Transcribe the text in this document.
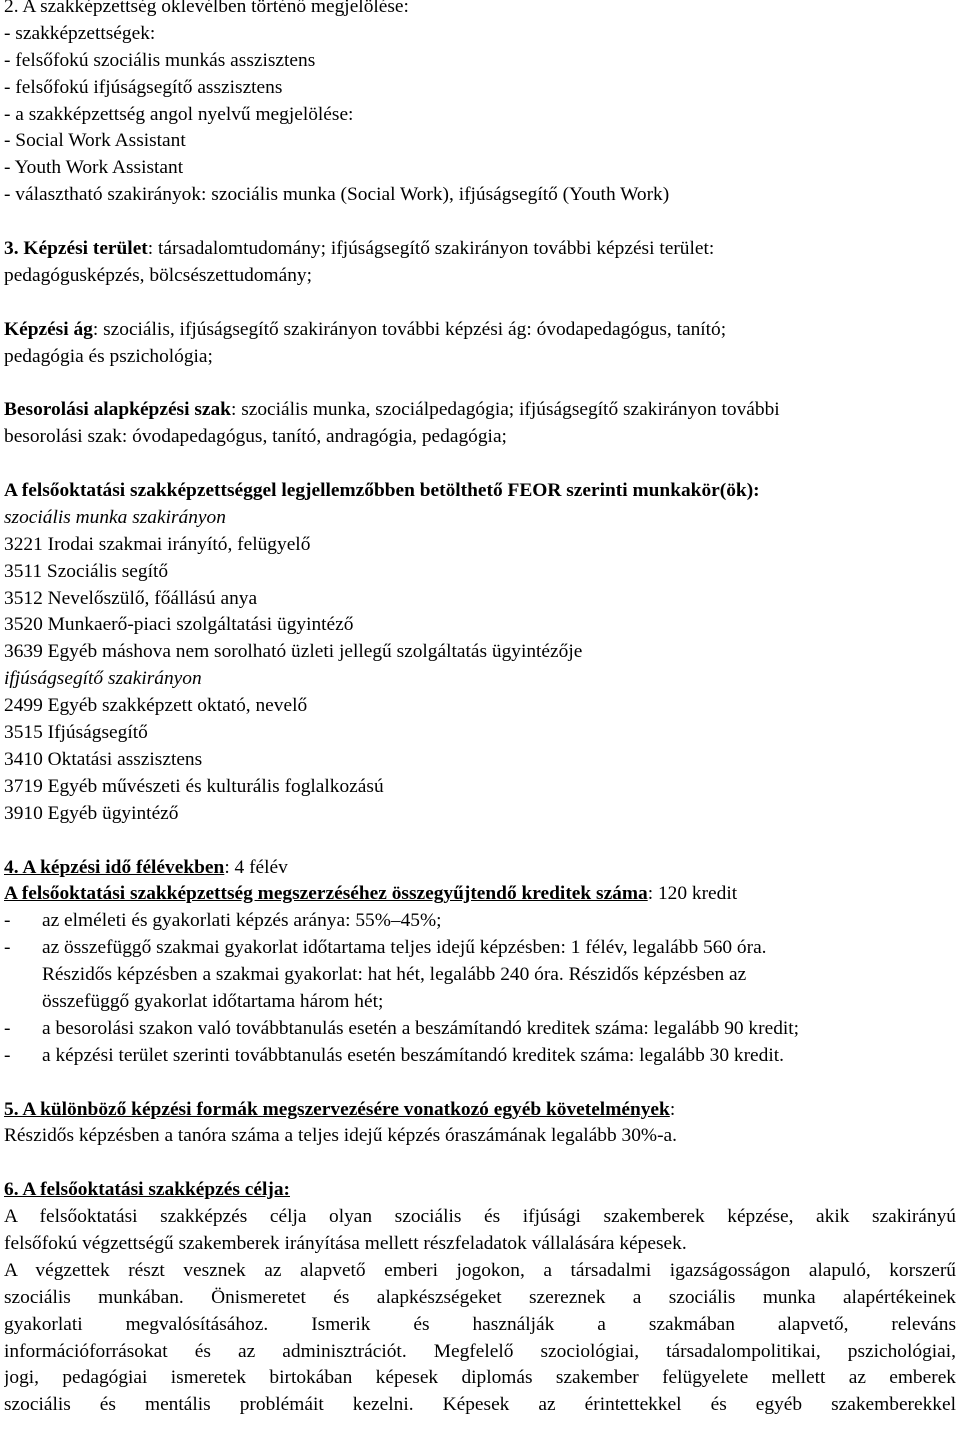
2. A szakképzettség oklevélben történő megjelölése:
- szakképzettségek:
- felsőfokú szociális munkás asszisztens
- felsőfokú ifjúságsegítő asszisztens
- a szakképzettség angol nyelvű megjelölése:
- Social Work Assistant
- Youth Work Assistant
- választható szakirányok: szociális munka (Social Work), ifjúságsegítő (Youth Work)
3. Képzési terület: társadalomtudomány; ifjúságsegítő szakirányon további képzési terület:
pedagógusképzés, bölcsészettudomány;
Képzési ág: szociális, ifjúságsegítő szakirányon további képzési ág: óvodapedagógus, tanító;
pedagógia és pszichológia;
Besorolási alapképzési szak: szociális munka, szociálpedagógia; ifjúságsegítő szakirányon további
besorolási szak: óvodapedagógus, tanító, andragógia, pedagógia;
A felsőoktatási szakképzettséggel legjellemzőbben betölthető FEOR szerinti munkakör(ök):
szociális munka szakirányon
3221 Irodai szakmai irányító, felügyelő
3511 Szociális segítő
3512 Nevelőszülő, főállású anya
3520 Munkaerő-piaci szolgáltatási ügyintéző
3639 Egyéb máshova nem sorolható üzleti jellegű szolgáltatás ügyintézője
ifjúságsegítő szakirányon
2499 Egyéb szakképzett oktató, nevelő
3515 Ifjúságsegítő
3410 Oktatási asszisztens
3719 Egyéb művészeti és kulturális foglalkozású
3910 Egyéb ügyintéző
4. A képzési idő félévekben: 4 félév
A felsőoktatási szakképzettség megszerzéséhez összegyűjtendő kreditek száma: 120 kredit
- az elméleti és gyakorlati képzés aránya: 55%–45%;
- az összefüggő szakmai gyakorlat időtartama teljes idejű képzésben: 1 félév, legalább 560 óra.
Részidős képzésben a szakmai gyakorlat: hat hét, legalább 240 óra. Részidős képzésben az
összefüggő gyakorlat időtartama három hét;
- a besorolási szakon való továbbtanulás esetén a beszámítandó kreditek száma: legalább 90 kredit;
- a képzési terület szerinti továbbtanulás esetén beszámítandó kreditek száma: legalább 30 kredit.
5. A különböző képzési formák megszervezésére vonatkozó egyéb követelmények:
Részidős képzésben a tanóra száma a teljes idejű képzés óraszámának legalább 30%-a.
6. A felsőoktatási szakképzés célja:
A felsőoktatási szakképzés célja olyan szociális és ifjúsági szakemberek képzése, akik szakirányú
felsőfokú végzettségű szakemberek irányítása mellett részfeladatok vállalására képesek.
A végzettek részt vesznek az alapvető emberi jogokon, a társadalmi igazságosságon alapuló, korszerű
szociális munkában. Önismeretet és alapkészségeket szereznek a szociális munka alapértékeinek
gyakorlati megvalósításához. Ismerik és használják a szakmában alapvető, releváns
információforrásokat és az adminisztrációt. Megfelelő szociológiai, társadalompolitikai, pszichológiai,
jogi, pedagógiai ismeretek birtokában képesek diplomás szakember felügyelete mellett az emberek
szociális és mentális problémáit kezelni. Képesek az érintettekkel és egyéb szakemberekkel
